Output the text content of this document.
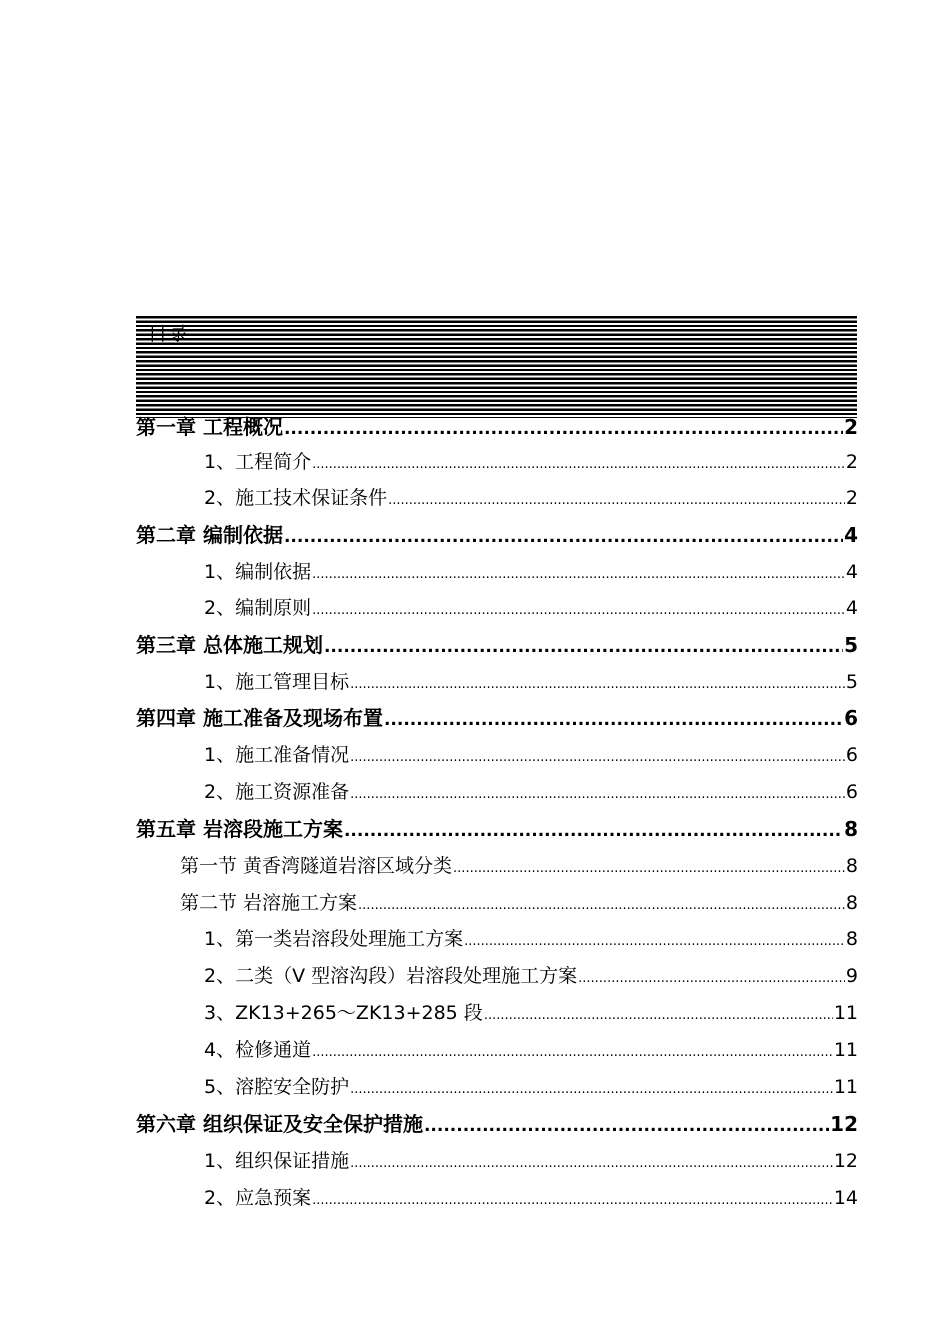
目录
第一章 工程概况 .....	2
1、 工程简介 .....	2
2、 施工技术保证条件 .....	2
第二章 编制依据 .....	4
1、 编制依据 .....	4
2、 编制原则 .....	4
第三章 总体施工规划 .....	5
1、 施工管理目标 .....	5
第四章 施工准备及现场布置 .....	6
1、 施工准备情况 .....	6
2、 施工资源准备 .....	6
第五章 岩溶段施工方案 .....	8
第一节 黄香湾隧道岩溶区域分类 .....	8
第二节 岩溶施工方案 .....	8
1、 第一类岩溶段处理施工方案 .....	8
2、 二类（V 型溶沟段）岩溶段处理施工方案 .....	9
3、 ZK13+265～ZK13+285 段 .....	11
4、 检修通道 .....	11
5、 溶腔安全防护 .....	11
第六章 组织保证及安全保护措施 .....	12
1、 组织保证措施 .....	12
2、 应急预案 .....	14
